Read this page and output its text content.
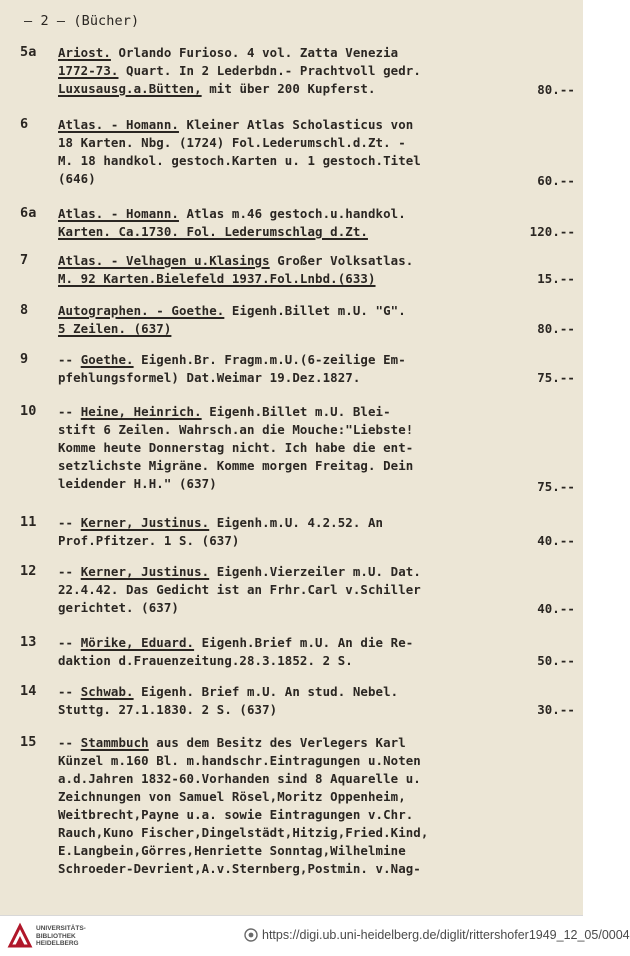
– 2 – (Bücher)
5a Ariost. Orlando Furioso. 4 vol. Zatta Venezia
1772-73. Quart. In 2 Lederbdn.- Prachtvoll gedr.
Luxusausg.a.Bütten, mit über 200 Kupferst.	80.--
6 Atlas. - Homann. Kleiner Atlas Scholasticus von
18 Karten. Nbg. (1724) Fol.Lederumschl.d.Zt. -
M. 18 handkol. gestoch.Karten u. 1 gestoch.Titel
(646)	60.--
6a Atlas. - Homann. Atlas m.46 gestoch.u.handkol.
Karten. Ca.1730. Fol. Lederumschlag d.Zt.	120.--
7 Atlas. - Velhagen u.Klasings Großer Volksatlas.
M. 92 Karten.Bielefeld 1937.Fol.Lnbd.(633)	15.--
8 Autographen. - Goethe. Eigenh.Billet m.U. "G".
5 Zeilen. (637)	80.--
9 -- Goethe. Eigenh.Br. Fragm.m.U.(6-zeilige Em-
pfehlungsformel) Dat.Weimar 19.Dez.1827.	75.--
10 -- Heine, Heinrich. Eigenh.Billet m.U. Blei-
stift 6 Zeilen. Wahrsch.an die Mouche:"Liebste!
Komme heute Donnerstag nicht. Ich habe die ent-
setzlichste Migräne. Komme morgen Freitag. Dein
leidender H.H." (637)	75.--
11 -- Kerner, Justinus. Eigenh.m.U. 4.2.52. An
Prof.Pfitzer. 1 S. (637)	40.--
12 -- Kerner, Justinus. Eigenh.Vierzeiler m.U. Dat.
22.4.42. Das Gedicht ist an Frhr.Carl v.Schiller
gerichtet. (637)	40.--
13 -- Mörike, Eduard. Eigenh.Brief m.U. An die Re-
daktion d.Frauenzeitung.28.3.1852. 2 S.	50.--
14 -- Schwab. Eigenh. Brief m.U. An stud. Nebel.
Stuttg. 27.1.1830. 2 S. (637)	30.--
15 -- Stammbuch aus dem Besitz des Verlegers Karl
Künzel m.160 Bl. m.handschr.Eintragungen u.Noten
a.d.Jahren 1832-60.Vorhanden sind 8 Aquarelle u.
Zeichnungen von Samuel Rösel,Moritz Oppenheim,
Weitbrecht,Payne u.a. sowie Eintragungen v.Chr.
Rauch,Kuno Fischer,Dingelstädt,Hitzig,Fried.Kind,
E.Langbein,Görres,Henriette Sonntag,Wilhelmine
Schroeder-Devrient,A.v.Sternberg,Postmin. v.Nag-
UNIVERSITÄTS-
BIBLIOTHEK
HEIDELBERG
https://digi.ub.uni-heidelberg.de/diglit/rittershofer1949_12_05/0004
